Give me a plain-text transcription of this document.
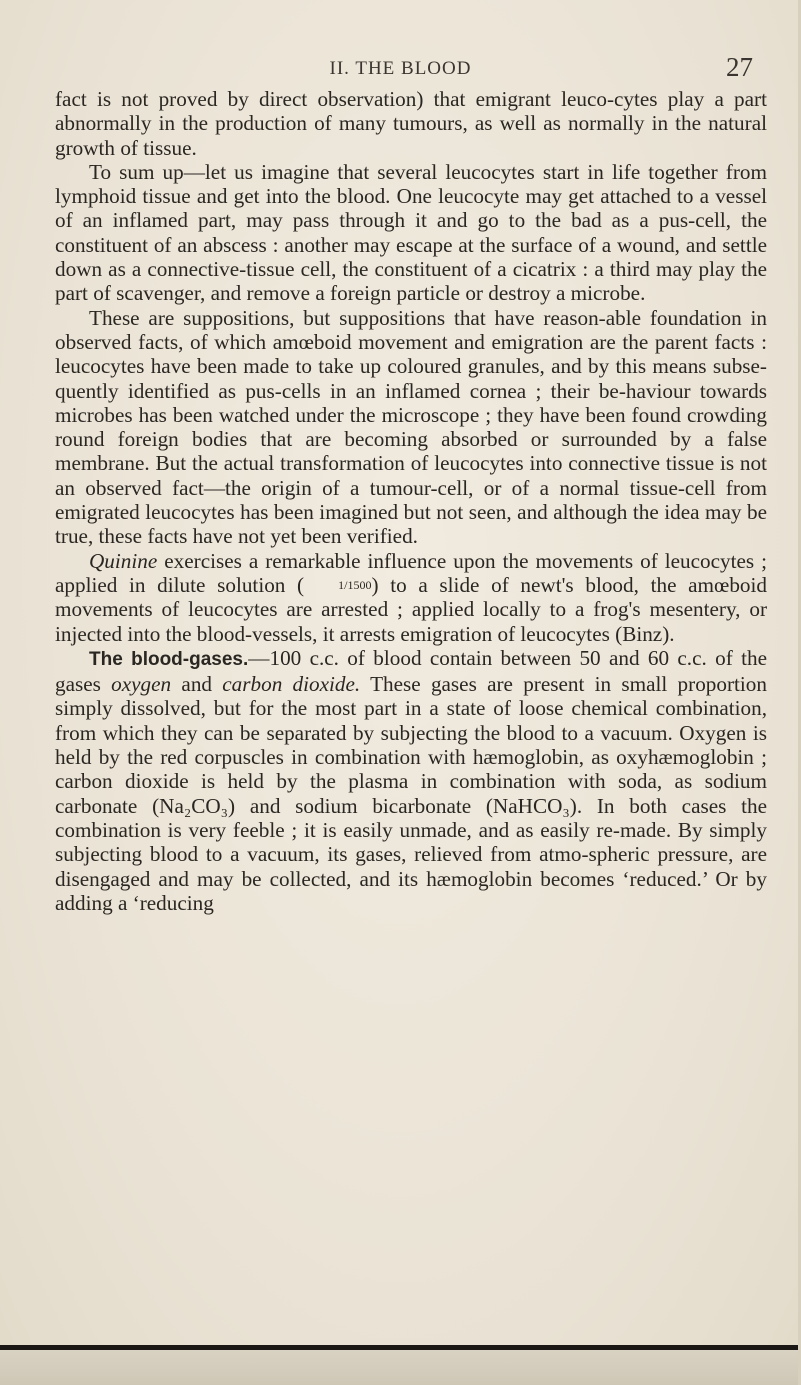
II. THE BLOOD	27

fact is not proved by direct observation) that emigrant leuco-cytes play a part abnormally in the production of many tumours, as well as normally in the natural growth of tissue.

To sum up—let us imagine that several leucocytes start in life together from lymphoid tissue and get into the blood. One leucocyte may get attached to a vessel of an inflamed part, may pass through it and go to the bad as a pus-cell, the constituent of an abscess : another may escape at the surface of a wound, and settle down as a connective-tissue cell, the constituent of a cicatrix : a third may play the part of scavenger, and remove a foreign particle or destroy a microbe.

These are suppositions, but suppositions that have reason-able foundation in observed facts, of which amœboid movement and emigration are the parent facts : leucocytes have been made to take up coloured granules, and by this means subse-quently identified as pus-cells in an inflamed cornea ; their be-haviour towards microbes has been watched under the microscope ; they have been found crowding round foreign bodies that are becoming absorbed or surrounded by a false membrane. But the actual transformation of leucocytes into connective tissue is not an observed fact—the origin of a tumour-cell, or of a normal tissue-cell from emigrated leucocytes has been imagined but not seen, and although the idea may be true, these facts have not yet been verified.

Quinine exercises a remarkable influence upon the movements of leucocytes ; applied in dilute solution (	1/1500) to a slide of newt's blood, the amœboid movements of leucocytes are arrested ; applied locally to a frog's mesentery, or injected into the blood-vessels, it arrests emigration of leucocytes (Binz).

The blood-gases.—100 c.c. of blood contain between 50 and 60 c.c. of the gases oxygen and carbon dioxide. These gases are present in small proportion simply dissolved, but for the most part in a state of loose chemical combination, from which they can be separated by subjecting the blood to a vacuum. Oxygen is held by the red corpuscles in combination with hæmoglobin, as oxyhæmoglobin ; carbon dioxide is held by the plasma in combination with soda, as sodium carbonate (Na₂CO₃) and sodium bicarbonate (NaHCO₃). In both cases the combination is very feeble ; it is easily unmade, and as easily re-made. By simply subjecting blood to a vacuum, its gases, relieved from atmo-spheric pressure, are disengaged and may be collected, and its hæmoglobin becomes ‘reduced.’ Or by adding a ‘reducing
